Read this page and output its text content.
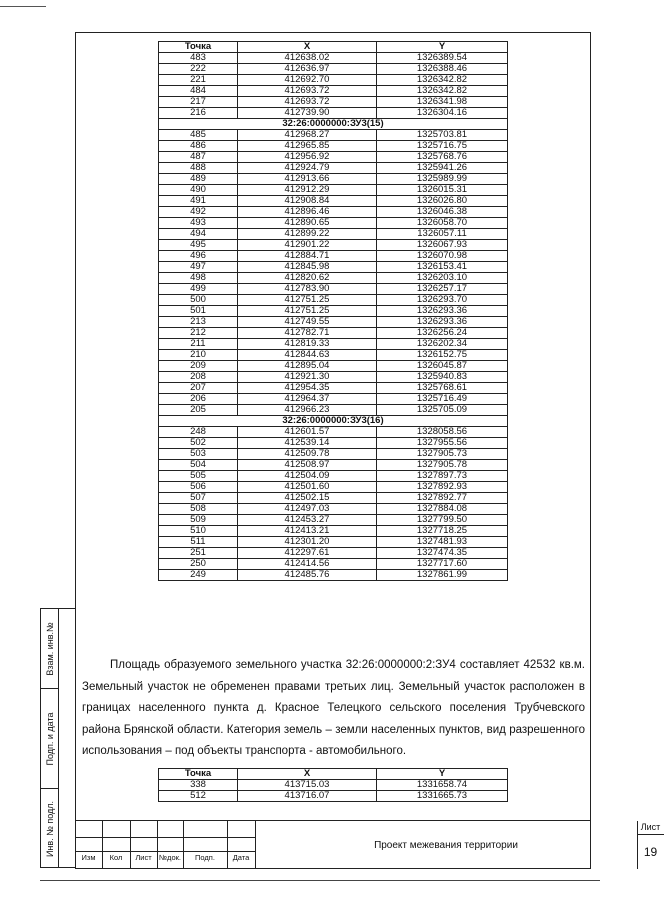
Взам. инв.№
Подп. и дата
Инв. № подл.
Точка	X	Y
483	412638.02	1326389.54
222	412636.97	1326388.46
221	412692.70	1326342.82
484	412693.72	1326342.82
217	412693.72	1326341.98
216	412739.90	1326304.16
32:26:0000000:ЗУ3(15)		
485	412968.27	1325703.81
486	412965.85	1325716.75
487	412956.92	1325768.76
488	412924.79	1325941.26
489	412913.66	1325989.99
490	412912.29	1326015.31
491	412908.84	1326026.80
492	412896.46	1326046.38
493	412890.65	1326058.70
494	412899.22	1326057.11
495	412901.22	1326067.93
496	412884.71	1326070.98
497	412845.98	1326153.41
498	412820.62	1326203.10
499	412783.90	1326257.17
500	412751.25	1326293.70
501	412751.25	1326293.36
213	412749.55	1326293.36
212	412782.71	1326256.24
211	412819.33	1326202.34
210	412844.63	1326152.75
209	412895.04	1326045.87
208	412921.30	1325940.83
207	412954.35	1325768.61
206	412964.37	1325716.49
205	412966.23	1325705.09
32:26:0000000:ЗУ3(16)		
248	412601.57	1328058.56
502	412539.14	1327955.56
503	412509.78	1327905.73
504	412508.97	1327905.78
505	412504.09	1327897.73
506	412501.60	1327892.93
507	412502.15	1327892.77
508	412497.03	1327884.08
509	412453.27	1327799.50
510	412413.21	1327718.25
511	412301.20	1327481.93
251	412297.61	1327474.35
250	412414.56	1327717.60
249	412485.76	1327861.99

Площадь образуемого земельного участка 32:26:0000000:2:ЗУ4 составляет 42532 кв.м. Земельный участок не обременен правами третьих лиц. Земельный участок расположен в границах населенного пункта д. Красное Телецкого сельского поселения Трубчевского района Брянской области. Категория земель – земли населенных пунктов, вид разрешенного использования – под объекты транспорта - автомобильного.

Точка	X	Y
338	413715.03	1331658.74
512	413716.07	1331665.73
Изм	Кол	Лист №док.	Подп.	Дата
Проект межевания территории
Лист
19
